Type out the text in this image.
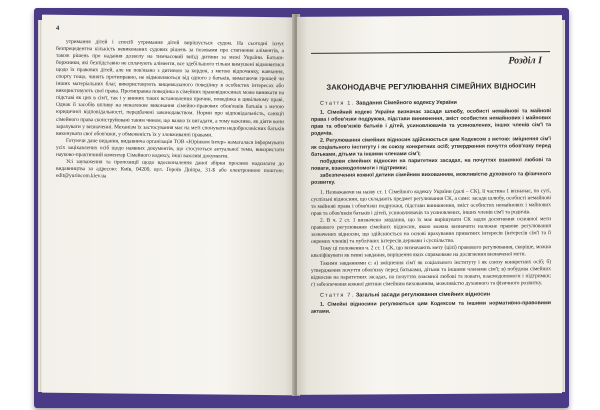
4

утримання дітей і спосіб утримання дітей вирішується судом. На сьогодні існує безпрецедентна кількість невиконаних судових рішень за позовами про стягнення аліментів, а також рішень про надання дозволу на тимчасовий виїзд дитини за межі України. Батьки-боржники, які безпідставно не сплачують аліменти, все здебільшого тільки вимушені відмовитися щодо їх правових дітей, але не пов'язано з дитиною за кордон, з метою відпочинку, навчання, спорту тощо, чинять протиправно, не відмовляються від одного з батьків, вимагаючи грошей чи інших матеріальних благ, використовують вищевказаного поведінку в особистих інтересах або використовують свої права. Протиправна поведінка в сімейних правовідносинах може виникати на підставі як цих в сім'ї, так і у винних таких встановлення причин, поведінка в цивільному праві. Однак її засобів впливу на неналежне виконання сімейно-правових обов'язків батьків з метою юридичної відповідальності, передбачені законодавством. Норми про відповідальність, санкції сімейного права сконструйовані таким чином, що важко їх вигадати, а тому важливо, як діяти вони зарахувати у визначенні. Механізм їх застосування має на меті спонукати недобросовісних батьків виконувати свої обов'язки, у обмеженість їх у зловживанні правами.

Готуючи дане видання, видавнича організація ТОВ «Юрінком Інтер» намагалася інформувати усіх зацікавлених осіб щодо наявних документів, що стосуються актуальної теми, використати науково-практичний коментар Сімейного кодексу, інші важливі документи.

Усі зауваження та пропозиції щодо вдосконалення даної збірки просимо надсилати до видавництва за адресою: Київ, 04209, вул. Героїв Дніпра, 31-Б або електронною поштою: edit@yurincom.kiev.ua

Розділ І
ЗАКОНОДАВЧЕ РЕГУЛЮВАННЯ СІМЕЙНИХ ВІДНОСИН

Стаття 1. Завдання Сімейного кодексу України

1. Сімейний кодекс України визначає засади шлюбу, особисті немайнові та майнові права і обов'язки подружжя, підстави виникнення, зміст особистих немайнових і майнових прав та обов'язків батьків і дітей, усиновлювачів та усиновлених, інших членів сім'ї та родичів.

2. Регулювання сімейних відносин здійснюється цим Кодексом з метою: зміцнення сім'ї як соціального інституту і як союзу конкретних осіб; утвердження почуття обов'язку перед батьками, дітьми та іншими членами сім'ї;

побудови сімейних відносин на паритетних засадах, на почуттях взаємної любові та поваги, взаємодопомоги і підтримки;

забезпечення кожної дитини сімейним вихованням, можливістю духовного та фізичного розвитку.

1. Незважаючи на назву ст. 1 Сімейного кодексу України (далі – СК), її частина 1 визначає, по суті, суспільні відносини, що складають предмет регулювання СК, а саме: засади шлюбу, особисті немайнові та майнові права і обов'язки подружжя, підстави виникнення, зміст особистих немайнових і майнових прав та обов'язків батьків і дітей, усиновлювачів та усиновлених, інших членів сім'ї та родичів.

2. В ч. 2 ст. 1 визначено завдання, що їх має вирішувати СК задля досягнення основної мети правового регулювання сімейних відносин, якою можна визначити належне правове регулювання зазначених відносин, що здійснюється на основі врахування приватних інтересів (інтересів сім'ї та її окремих членів) та публічних інтересів держави і суспільства.

Тому ці положення ч. 2 ст. 1 СК, що визначають мету (цілі) правового регулювання, скоріше, можна кваліфікувати як певні завдання, вирішення яких спрямоване на досягнення визначеної мети.

Такими завданнями є: а) зміцнення сім'ї як соціального інституту і як союзу конкретних осіб; б) утвердження почуття обов'язку перед батьками, дітьми та іншими членами сім'ї; в) побудова сімейних відносин на паритетних засадах, на почуттях взаємної любові та поваги, взаємодопомоги і підтримки; г) забезпечення кожної дитини сімейним вихованням, можливістю духовного та фізичного розвитку.

Стаття 7. Загальні засади регулювання сімейних відносин

1. Сімейні відносини регулюються цим Кодексом та іншими нормативно-правовими актами.
